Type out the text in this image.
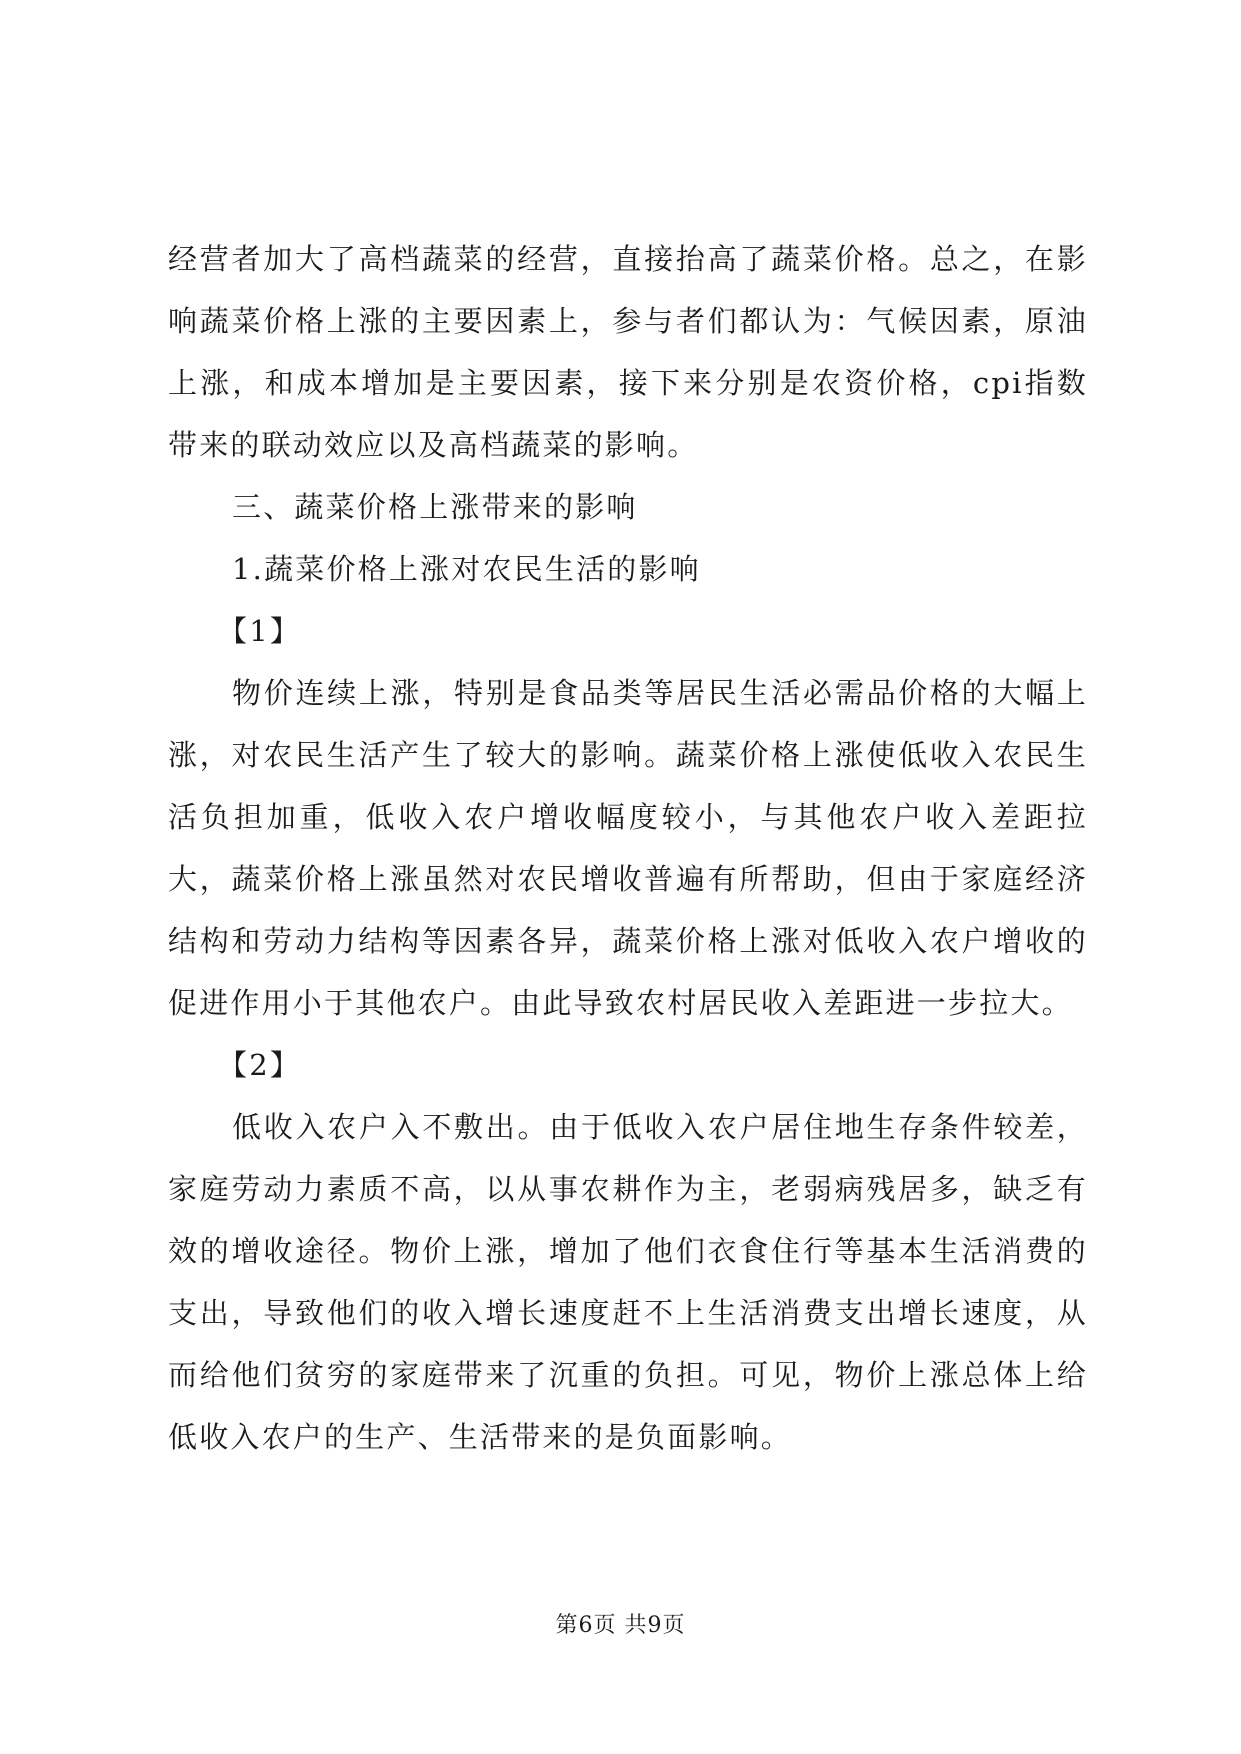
经营者加大了高档蔬菜的经营，直接抬高了蔬菜价格。总之，在影响蔬菜价格上涨的主要因素上，参与者们都认为：气候因素，原油上涨，和成本增加是主要因素，接下来分别是农资价格，cpi指数带来的联动效应以及高档蔬菜的影响。

三、蔬菜价格上涨带来的影响

1.蔬菜价格上涨对农民生活的影响

【1】

物价连续上涨，特别是食品类等居民生活必需品价格的大幅上涨，对农民生活产生了较大的影响。蔬菜价格上涨使低收入农民生活负担加重，低收入农户增收幅度较小，与其他农户收入差距拉大，蔬菜价格上涨虽然对农民增收普遍有所帮助，但由于家庭经济结构和劳动力结构等因素各异，蔬菜价格上涨对低收入农户增收的促进作用小于其他农户。由此导致农村居民收入差距进一步拉大。

【2】

低收入农户入不敷出。由于低收入农户居住地生存条件较差，家庭劳动力素质不高，以从事农耕作为主，老弱病残居多，缺乏有效的增收途径。物价上涨，增加了他们衣食住行等基本生活消费的支出，导致他们的收入增长速度赶不上生活消费支出增长速度，从而给他们贫穷的家庭带来了沉重的负担。可见，物价上涨总体上给低收入农户的生产、生活带来的是负面影响。

第6页 共9页
